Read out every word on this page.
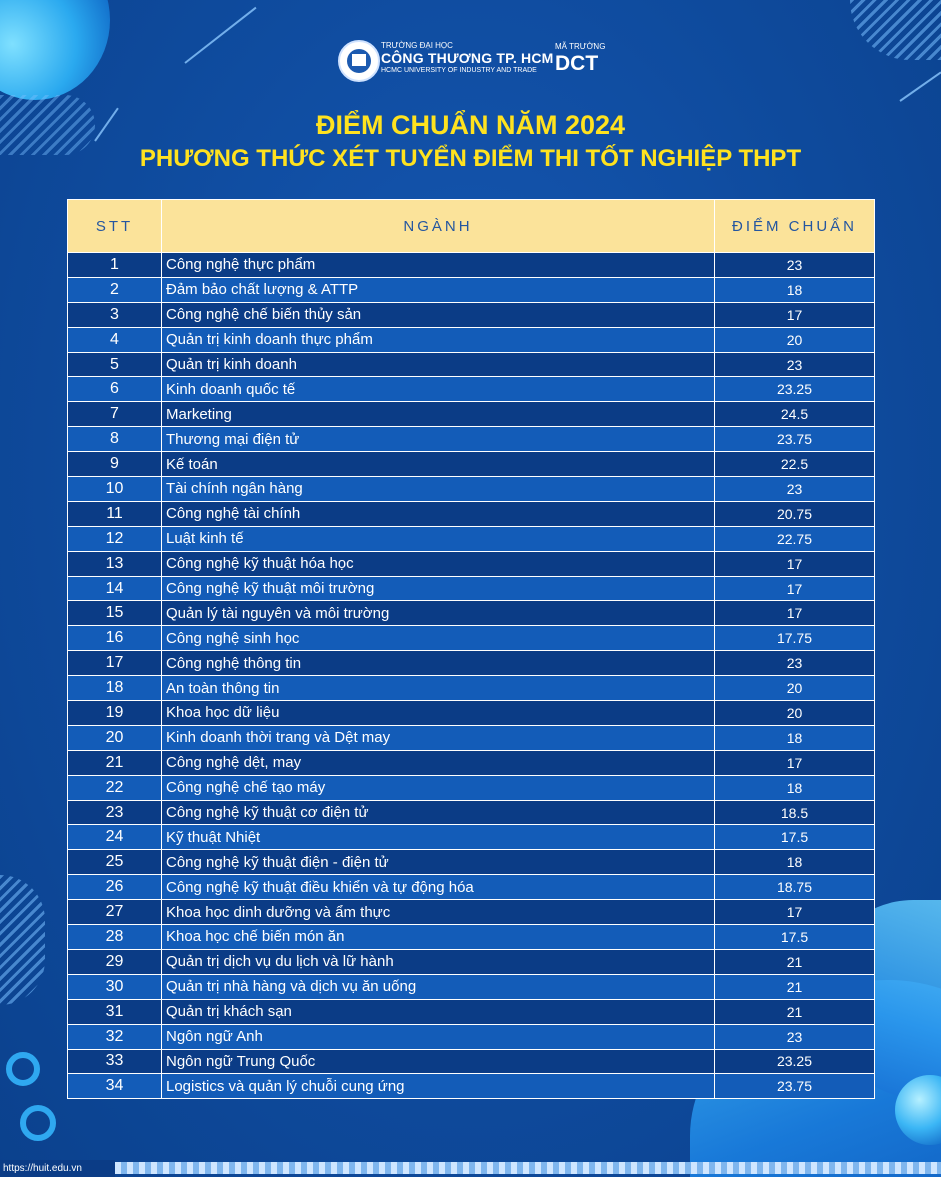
TRƯỜNG ĐẠI HỌC
CÔNG THƯƠNG TP. HCM
HCMC UNIVERSITY OF INDUSTRY AND TRADE
MÃ TRƯỜNG
DCT
ĐIỂM CHUẨN NĂM 2024
PHƯƠNG THỨC XÉT TUYỂN ĐIỂM THI TỐT NGHIỆP THPT
STT	NGÀNH	ĐIỂM CHUẨN
1	Công nghệ thực phẩm	23
2	Đảm bảo chất lượng & ATTP	18
3	Công nghệ chế biến thủy sản	17
4	Quản trị kinh doanh thực phẩm	20
5	Quản trị kinh doanh	23
6	Kinh doanh quốc tế	23.25
7	Marketing	24.5
8	Thương mại điện tử	23.75
9	Kế toán	22.5
10	Tài chính ngân hàng	23
11	Công nghệ tài chính	20.75
12	Luật kinh tế	22.75
13	Công nghệ kỹ thuật hóa học	17
14	Công nghệ kỹ thuật môi trường	17
15	Quản lý tài nguyên và môi trường	17
16	Công nghệ sinh học	17.75
17	Công nghệ thông tin	23
18	An toàn thông tin	20
19	Khoa học dữ liệu	20
20	Kinh doanh thời trang và Dệt may	18
21	Công nghệ dệt, may	17
22	Công nghệ chế tạo máy	18
23	Công nghệ kỹ thuật cơ điện tử	18.5
24	Kỹ thuật Nhiệt	17.5
25	Công nghệ kỹ thuật điện - điện tử	18
26	Công nghệ kỹ thuật điều khiển và tự động hóa	18.75
27	Khoa học dinh dưỡng và ẩm thực	17
28	Khoa học chế biến món ăn	17.5
29	Quản trị dịch vụ du lịch và lữ hành	21
30	Quản trị nhà hàng và dịch vụ ăn uống	21
31	Quản trị khách sạn	21
32	Ngôn ngữ Anh	23
33	Ngôn ngữ Trung Quốc	23.25
34	Logistics và quản lý chuỗi cung ứng	23.75
https://huit.edu.vn
